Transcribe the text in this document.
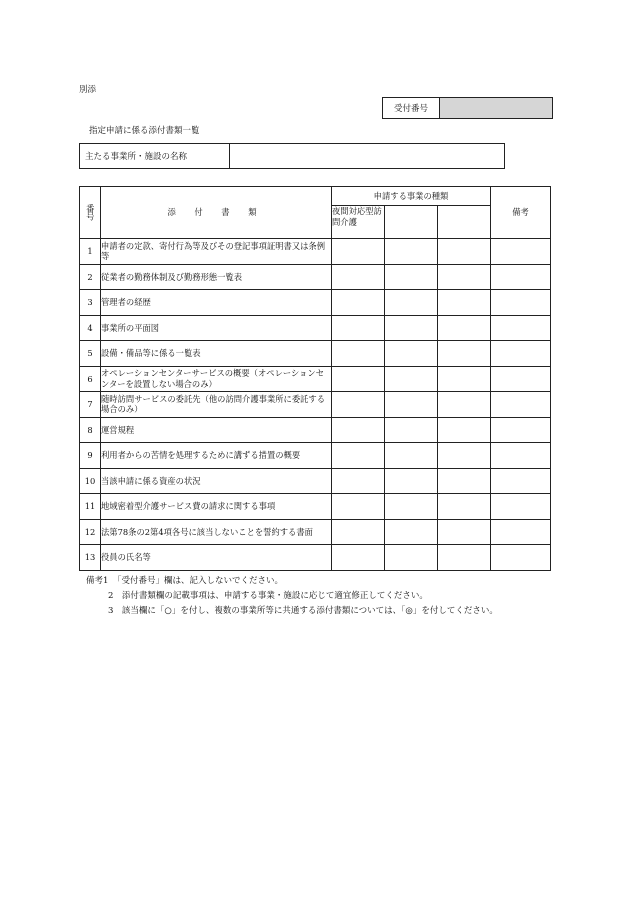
別添
受付番号
指定申請に係る添付書類一覧
主たる事業所・施設の名称
番号	添 付 書 類	申請する事業の種類			備考
		夜間対応型訪問介護			
1	申請者の定款、寄付行為等及びその登記事項証明書又は条例等				
2	従業者の勤務体制及び勤務形態一覧表				
3	管理者の経歴				
4	事業所の平面図				
5	設備・備品等に係る一覧表				
6	オペレーションセンターサービスの概要（オペレーションセンターを設置しない場合のみ）				
7	随時訪問サービスの委託先（他の訪問介護事業所に委託する場合のみ）				
8	運営規程				
9	利用者からの苦情を処理するために講ずる措置の概要				
10	当該申請に係る資産の状況				
11	地域密着型介護サービス費の請求に関する事項				
12	法第78条の2第4項各号に該当しないことを誓約する書面				
13	役員の氏名等				
備考1 「受付番号」欄は、記入しないでください。
2　添付書類欄の記載事項は、申請する事業・施設に応じて適宜修正してください。
3　該当欄に「○」を付し、複数の事業所等に共通する添付書類については、「◎」を付してください。
